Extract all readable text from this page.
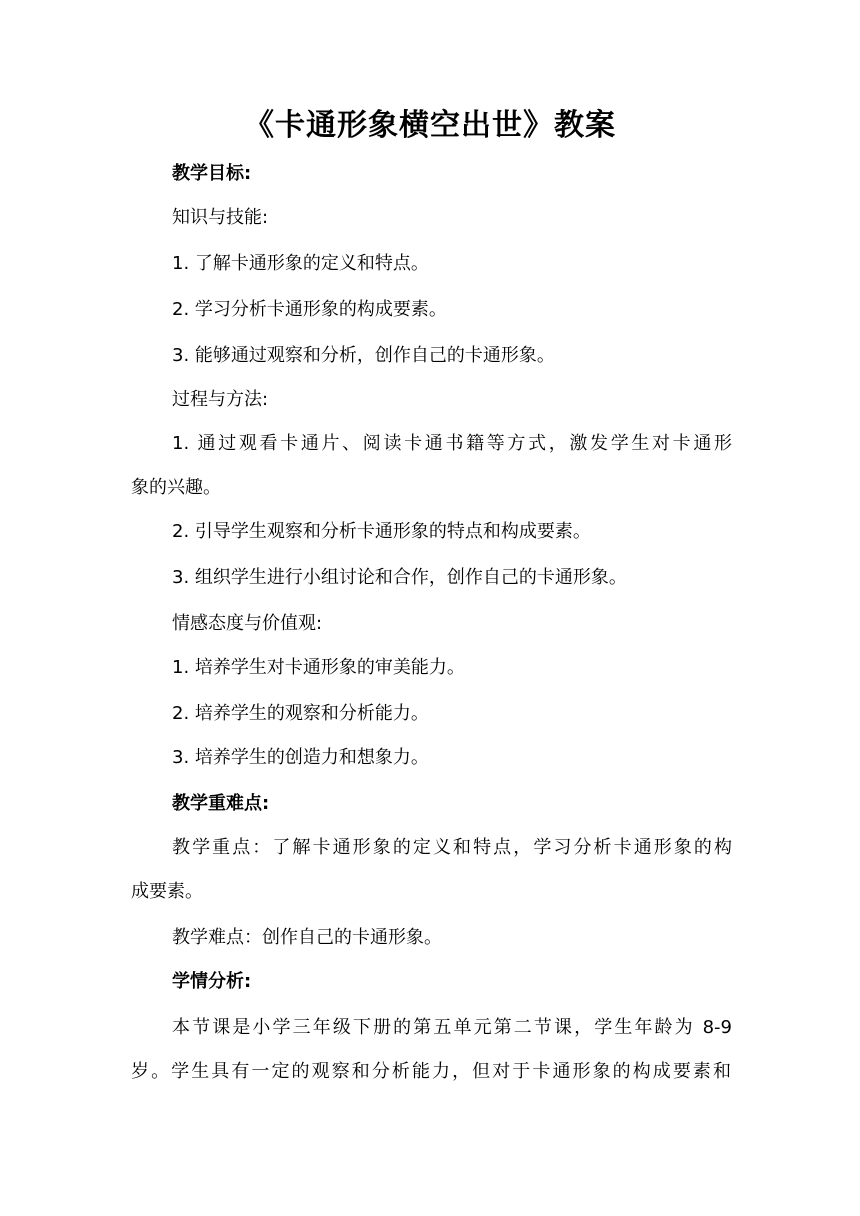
《卡通形象横空出世》教案
教学目标:
知识与技能:
1. 了解卡通形象的定义和特点。
2. 学习分析卡通形象的构成要素。
3. 能够通过观察和分析，创作自己的卡通形象。
过程与方法:
1. 通过观看卡通片、阅读卡通书籍等方式，激发学生对卡通形
象的兴趣。
2. 引导学生观察和分析卡通形象的特点和构成要素。
3. 组织学生进行小组讨论和合作，创作自己的卡通形象。
情感态度与价值观:
1. 培养学生对卡通形象的审美能力。
2. 培养学生的观察和分析能力。
3. 培养学生的创造力和想象力。
教学重难点:
教学重点：了解卡通形象的定义和特点，学习分析卡通形象的构
成要素。
教学难点：创作自己的卡通形象。
学情分析:
本节课是小学三年级下册的第五单元第二节课，学生年龄为 8-9
岁。学生具有一定的观察和分析能力，但对于卡通形象的构成要素和
